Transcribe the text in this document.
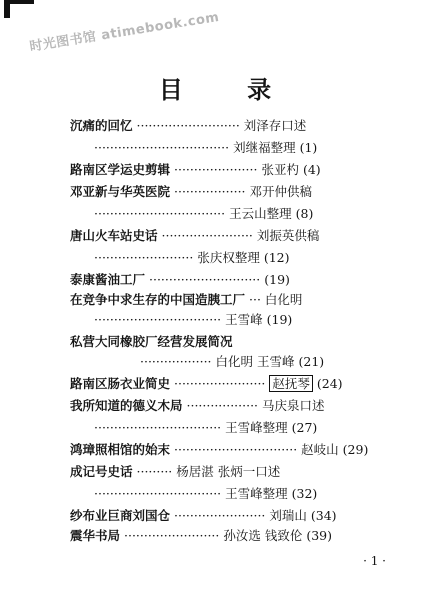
时光图书馆 atimebook.com
目 录
沉痛的回忆 ·························· 刘泽存口述
·································· 刘继福整理 (1)
路南区学运史剪辑 ····················· 张亚杓 (4)
邓亚新与华英医院 ·················· 邓开仲供稿
································· 王云山整理 (8)
唐山火车站史话 ······················· 刘振英供稿
························· 张庆权整理 (12)
泰康酱油工厂 ···························· (19)
在竞争中求生存的中国造胰工厂 ··· 白化明
································ 王雪峰 (19)
私营大同橡胶厂经营发展简况
·················· 白化明 王雪峰 (21)
路南区肠衣业简史 ······················· 赵抚琴 (24)
我所知道的德义木局 ·················· 马庆泉口述
································ 王雪峰整理 (27)
鸿璋照相馆的始末 ······························· 赵岐山 (29)
成记号史话 ········· 杨居湛 张炳一口述
································ 王雪峰整理 (32)
纱布业巨商刘国仓 ······················· 刘瑞山 (34)
震华书局 ························ 孙汝选 钱致伦 (39)
· 1 ·
